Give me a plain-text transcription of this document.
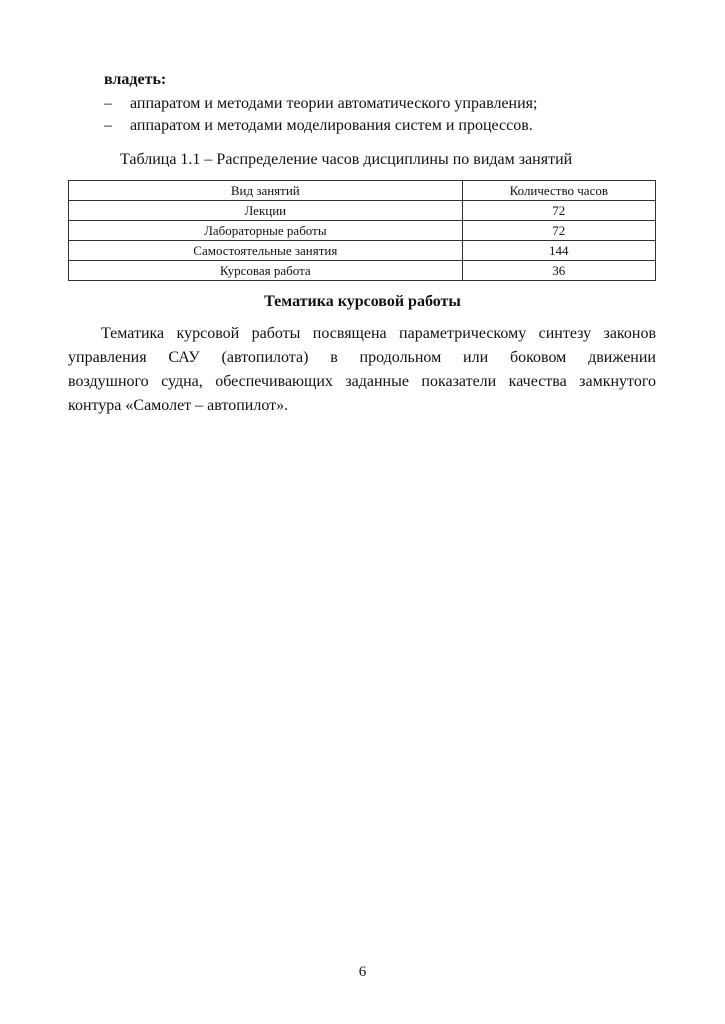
владеть:
– аппаратом и методами теории автоматического управления;
– аппаратом и методами моделирования систем и процессов.
Таблица 1.1 – Распределение часов дисциплины по видам занятий
Вид занятий	Количество часов
Лекции	72
Лабораторные работы	72
Самостоятельные занятия	144
Курсовая работа	36
Тематика курсовой работы

Тематика курсовой работы посвящена параметрическому синтезу законов
управления САУ (автопилота) в продольном или боковом движении
воздушного судна, обеспечивающих заданные показатели качества замкнутого
контура «Самолет – автопилот».

6
